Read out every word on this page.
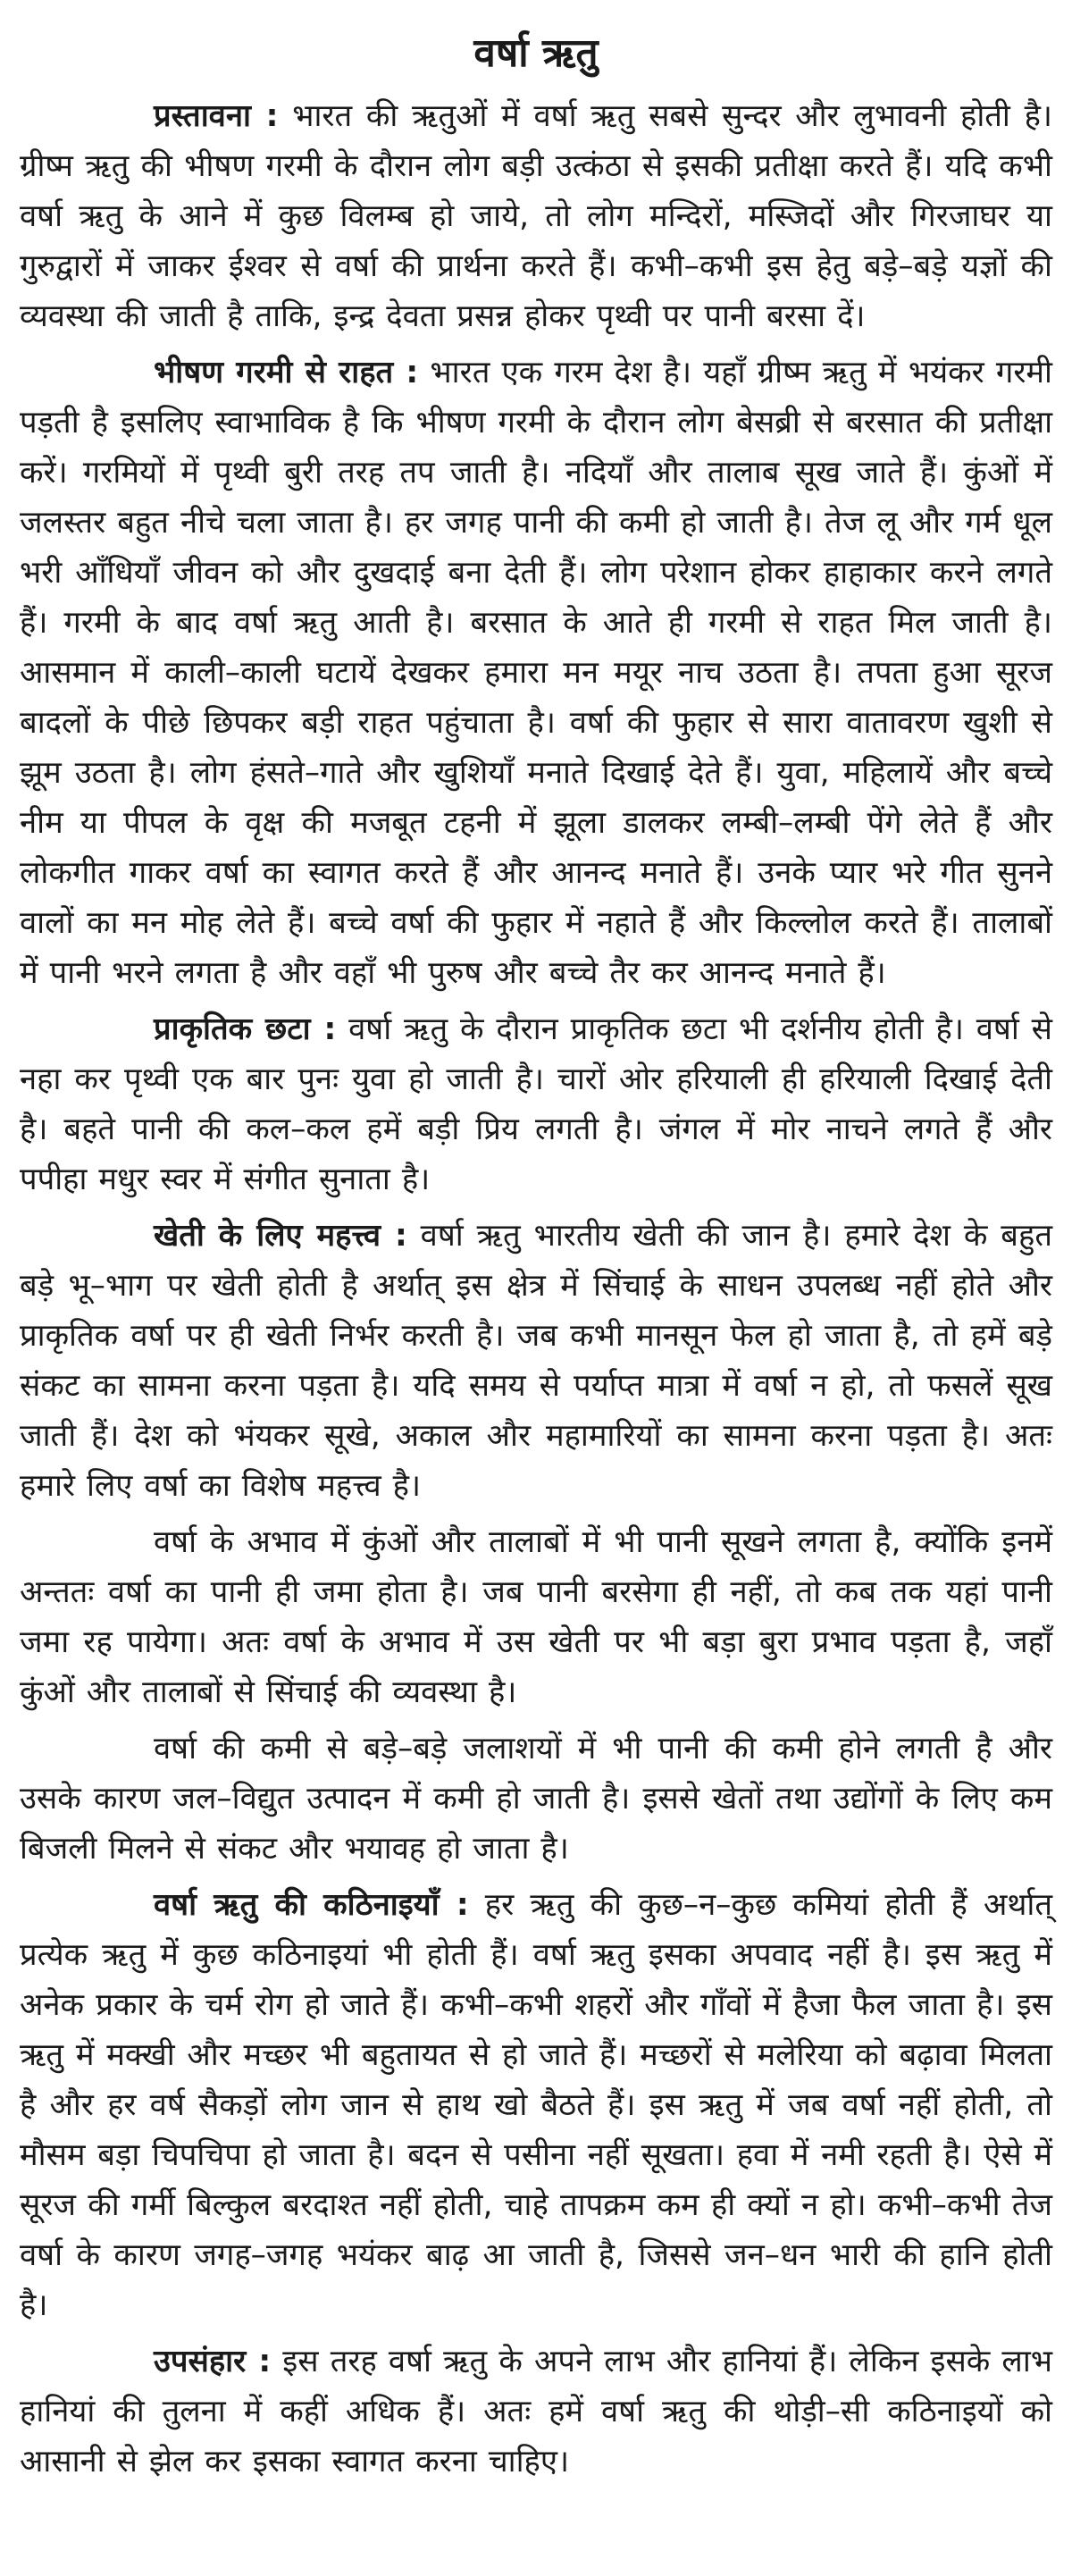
वर्षा ऋतु

प्रस्तावना : भारत की ऋतुओं में वर्षा ऋतु सबसे सुन्दर और लुभावनी होती है। ग्रीष्म ऋतु की भीषण गरमी के दौरान लोग बड़ी उत्कंठा से इसकी प्रतीक्षा करते हैं। यदि कभी वर्षा ऋतु के आने में कुछ विलम्ब हो जाये, तो लोग मन्दिरों, मस्जिदों और गिरजाघर या गुरुद्वारों में जाकर ईश्वर से वर्षा की प्रार्थना करते हैं। कभी–कभी इस हेतु बड़े–बड़े यज्ञों की व्यवस्था की जाती है ताकि, इन्द्र देवता प्रसन्न होकर पृथ्वी पर पानी बरसा दें।

भीषण गरमी से राहत : भारत एक गरम देश है। यहाँ ग्रीष्म ऋतु में भयंकर गरमी पड़ती है इसलिए स्वाभाविक है कि भीषण गरमी के दौरान लोग बेसब्री से बरसात की प्रतीक्षा करें। गरमियों में पृथ्वी बुरी तरह तप जाती है। नदियाँ और तालाब सूख जाते हैं। कुंओं में जलस्तर बहुत नीचे चला जाता है। हर जगह पानी की कमी हो जाती है। तेज लू और गर्म धूल भरी आँधियाँ जीवन को और दुखदाई बना देती हैं। लोग परेशान होकर हाहाकार करने लगते हैं। गरमी के बाद वर्षा ऋतु आती है। बरसात के आते ही गरमी से राहत मिल जाती है। आसमान में काली–काली घटायें देखकर हमारा मन मयूर नाच उठता है। तपता हुआ सूरज बादलों के पीछे छिपकर बड़ी राहत पहुंचाता है। वर्षा की फुहार से सारा वातावरण खुशी से झूम उठता है। लोग हंसते–गाते और खुशियाँ मनाते दिखाई देते हैं। युवा, महिलायें और बच्चे नीम या पीपल के वृक्ष की मजबूत टहनी में झूला डालकर लम्बी–लम्बी पेंगे लेते हैं और लोकगीत गाकर वर्षा का स्वागत करते हैं और आनन्द मनाते हैं। उनके प्यार भरे गीत सुनने वालों का मन मोह लेते हैं। बच्चे वर्षा की फुहार में नहाते हैं और किल्लोल करते हैं। तालाबों में पानी भरने लगता है और वहाँ भी पुरुष और बच्चे तैर कर आनन्द मनाते हैं।

प्राकृतिक छटा : वर्षा ऋतु के दौरान प्राकृतिक छटा भी दर्शनीय होती है। वर्षा से नहा कर पृथ्वी एक बार पुनः युवा हो जाती है। चारों ओर हरियाली ही हरियाली दिखाई देती है। बहते पानी की कल–कल हमें बड़ी प्रिय लगती है। जंगल में मोर नाचने लगते हैं और पपीहा मधुर स्वर में संगीत सुनाता है।

खेती के लिए महत्त्व : वर्षा ऋतु भारतीय खेती की जान है। हमारे देश के बहुत बड़े भू–भाग पर खेती होती है अर्थात् इस क्षेत्र में सिंचाई के साधन उपलब्ध नहीं होते और प्राकृतिक वर्षा पर ही खेती निर्भर करती है। जब कभी मानसून फेल हो जाता है, तो हमें बड़े संकट का सामना करना पड़ता है। यदि समय से पर्याप्त मात्रा में वर्षा न हो, तो फसलें सूख जाती हैं। देश को भंयकर सूखे, अकाल और महामारियों का सामना करना पड़ता है। अतः हमारे लिए वर्षा का विशेष महत्त्व है।

वर्षा के अभाव में कुंओं और तालाबों में भी पानी सूखने लगता है, क्योंकि इनमें अन्ततः वर्षा का पानी ही जमा होता है। जब पानी बरसेगा ही नहीं, तो कब तक यहां पानी जमा रह पायेगा। अतः वर्षा के अभाव में उस खेती पर भी बड़ा बुरा प्रभाव पड़ता है, जहाँ कुंओं और तालाबों से सिंचाई की व्यवस्था है।

वर्षा की कमी से बड़े–बड़े जलाशयों में भी पानी की कमी होने लगती है और उसके कारण जल–विद्युत उत्पादन में कमी हो जाती है। इससे खेतों तथा उद्योंगों के लिए कम बिजली मिलने से संकट और भयावह हो जाता है।

वर्षा ऋतु की कठिनाइयाँ : हर ऋतु की कुछ–न–कुछ कमियां होती हैं अर्थात् प्रत्येक ऋतु में कुछ कठिनाइयां भी होती हैं। वर्षा ऋतु इसका अपवाद नहीं है। इस ऋतु में अनेक प्रकार के चर्म रोग हो जाते हैं। कभी–कभी शहरों और गाँवों में हैजा फैल जाता है। इस ऋतु में मक्खी और मच्छर भी बहुतायत से हो जाते हैं। मच्छरों से मलेरिया को बढ़ावा मिलता है और हर वर्ष सैकड़ों लोग जान से हाथ खो बैठते हैं। इस ऋतु में जब वर्षा नहीं होती, तो मौसम बड़ा चिपचिपा हो जाता है। बदन से पसीना नहीं सूखता। हवा में नमी रहती है। ऐसे में सूरज की गर्मी बिल्कुल बरदाश्त नहीं होती, चाहे तापक्रम कम ही क्यों न हो। कभी–कभी तेज वर्षा के कारण जगह–जगह भयंकर बाढ़ आ जाती है, जिससे जन–धन भारी की हानि होती है।

उपसंहार : इस तरह वर्षा ऋतु के अपने लाभ और हानियां हैं। लेकिन इसके लाभ हानियां की तुलना में कहीं अधिक हैं। अतः हमें वर्षा ऋतु की थोड़ी–सी कठिनाइयों को आसानी से झेल कर इसका स्वागत करना चाहिए।
